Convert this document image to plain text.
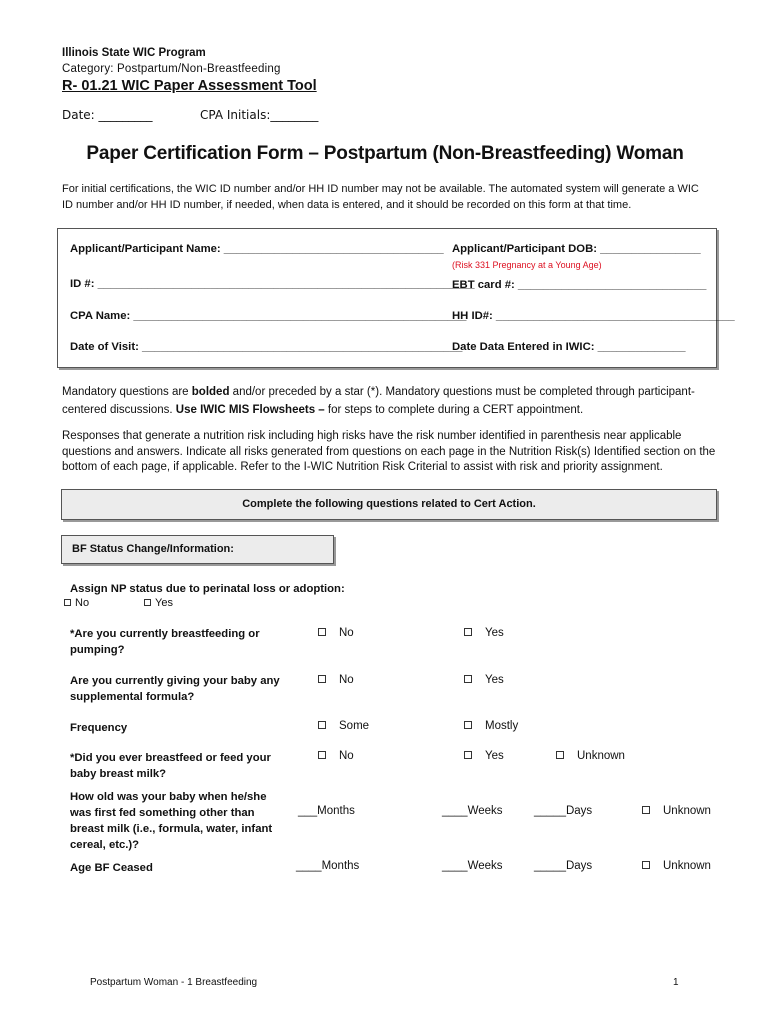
Illinois State WIC Program
Category: Postpartum/Non-Breastfeeding
R- 01.21 WIC Paper Assessment Tool
Date: _________	CPA Initials:________
Paper Certification Form – Postpartum (Non-Breastfeeding) Woman
For initial certifications, the WIC ID number and/or HH ID number may not be available. The automated system will generate a WIC ID number and/or HH ID number, if needed, when data is entered, and it should be recorded on this form at that time.
Applicant/Participant Name: ___________________________________ Applicant/Participant DOB: ________________
(Risk 331 Pregnancy at a Young Age)
ID #: ____________________________________________________________
EBT card #: ______________________________
CPA Name: _____________________________________________________
HH ID#: ______________________________________
Date of Visit: ___________________________________________________
Date Data Entered in IWIC: ______________
Mandatory questions are bolded and/or preceded by a star (*). Mandatory questions must be completed through participant-centered discussions. Use IWIC MIS Flowsheets – for steps to complete during a CERT appointment.
Responses that generate a nutrition risk including high risks have the risk number identified in parenthesis near applicable questions and answers. Indicate all risks generated from questions on each page in the Nutrition Risk(s) Identified section on the bottom of each page, if applicable. Refer to the I-WIC Nutrition Risk Criterial to assist with risk and priority assignment.
Complete the following questions related to Cert Action.
BF Status Change/Information:
Assign NP status due to perinatal loss or adoption:
No	Yes
*Are you currently breastfeeding or pumping?
No	Yes
Are you currently giving your baby any supplemental formula?
No	Yes
Frequency	Some	Mostly
*Did you ever breastfeed or feed your baby breast milk?
No	Yes	Unknown
How old was your baby when he/she was first fed something other than breast milk (i.e., formula, water, infant cereal, etc.)?
___Months	____Weeks	_____Days	Unknown
Age BF Ceased	____Months	____Weeks	_____Days	Unknown
Postpartum Woman - 1 Breastfeeding	1
